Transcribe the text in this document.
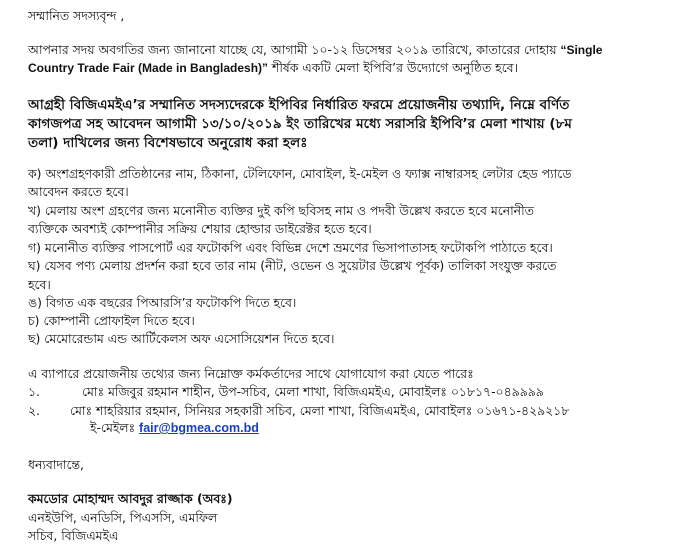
সম্মানিত সদস্যবৃন্দ ,
আপনার সদয় অবগতির জন্য জানানো যাচ্ছে যে, আগামী ১০-১২ ডিসেম্বর ২০১৯ তারিখে, কাতারের দোহায় “Single
Country Trade Fair (Made in Bangladesh)” শীর্ষক একটি মেলা ইপিবি’র উদ্যোগে অনুষ্ঠিত হবে।
আগ্রহী বিজিএমইএ’র সম্মানিত সদস্যদেরকে ইপিবির নির্ধারিত ফরমে প্রয়োজনীয় তথ্যাদি, নিম্নে বর্ণিত
কাগজপত্র সহ আবেদন আগামী ১৩/১০/২০১৯ ইং তারিখের মধ্যে সরাসরি ইপিবি’র মেলা শাখায় (৮ম
তলা) দাখিলের জন্য বিশেষভাবে অনুরোধ করা হলঃ
ক) অংশগ্রহণকারী প্রতিষ্ঠানের নাম, ঠিকানা, টেলিফোন, মোবাইল, ই-মেইল ও ফ্যাক্স নাম্বারসহ লেটার হেড প্যাডে
আবেদন করতে হবে।
খ) মেলায় অংশ গ্রহণের জন্য মনোনীত ব্যক্তির দুই কপি ছবিসহ নাম ও পদবী উল্লেখ করতে হবে মনোনীত
ব্যক্তিকে অবশ্যই কোম্পানীর সক্রিয় শেয়ার হোল্ডার ডাইরেক্টর হতে হবে।
গ) মনোনীত ব্যক্তির পাসপোর্ট এর ফটোকপি এবং বিভিন্ন দেশে ভ্রমণের ভিসাপাতাসহ ফটোকপি পাঠাতে হবে।
ঘ) যেসব পণ্য মেলায় প্রদর্শন করা হবে তার নাম (নীট, ওভেন ও সুয়েটার উল্লেখ পূর্বক) তালিকা সংযুক্ত করতে
হবে।
ঙ) বিগত এক বছরের পিআরসি’র ফটোকপি দিতে হবে।
চ) কোম্পানী প্রোফাইল দিতে হবে।
ছ) মেমোরেন্ডাম এন্ড আর্টিকেলস অফ এসোসিয়েশন দিতে হবে।
এ ব্যাপারে প্রয়োজনীয় তথ্যের জন্য নিম্নোক্ত কর্মকর্তাদের সাথে যোগাযোগ করা যেতে পারেঃ
১.	মোঃ মজিবুর রহমান শাহীন, উপ-সচিব, মেলা শাখা, বিজিএমইএ, মোবাইলঃ ০১৮১৭-০৪৯৯৯৯
২. মোঃ শাহরিয়ার রহমান, সিনিয়র সহকারী সচিব, মেলা শাখা, বিজিএমইএ, মোবাইলঃ ০১৬৭১-৪২৯২১৮
ই-মেইলঃ fair@bgmea.com.bd
ধন্যবাদান্তে,
কমডোর মোহাম্মদ আবদুর রাজ্জাক (অবঃ)
এনইউপি, এনডিসি, পিএসসি, এমফিল
সচিব, বিজিএমইএ
